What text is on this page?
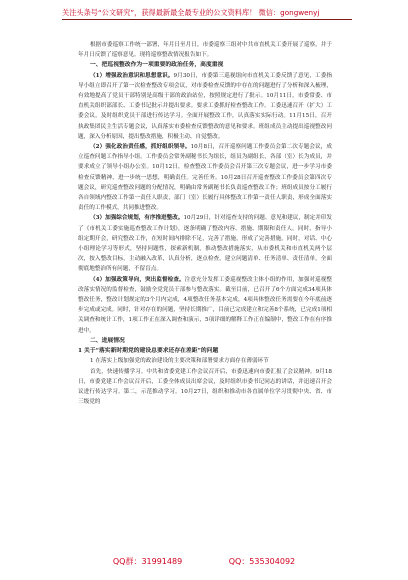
关注头条号“公文研究”，获得最新最全最专业的公文资料库！ 微信：gongwenyj

根据市委巡察工作统一部署，年月日至月日，市委巡察三组对中共市直机关工委开展了巡察，并于年月日反馈了巡察意见。现将巡察整改情况报告如下。

一、把巡视整改作为一项重要的政治任务，高度重视

（1）增强政治意识和思想意识。9月30日，市委第三巡视组向市直机关工委反馈了意见，工委指导小组立即召开了第一次检查整改专项会议，对市委检查反馈的中存在的问题进行了分析和深入梳理，有效地提高了党员干部特别是高级干部的政治站位，按照规定进行了批示。10月11日，市委常委、市直机关组织部部长、工委书记批示并提出要求。要求工委抓好检查整改工作。工委迅速召开（扩大）工委会议，及时组织党员干部进行传达学习。全面开展整改工作，认真落实实际行动。11月15日，召开执政集团民主生活专题会议，认真落实市委检查反馈整改的意见和要求。班组成员主动提出巡视整改问题，深入分析原因，提出整改措施，积极主动、自觉整改。

（2）强化政治责任感，抓好组织领导。10月8日，召开巡察问题工作委员会第二次专题会议，成立巡查问题工作指导小组。工作委员会常务副秘书长为组长，组员为副组长，各部（室）长为成员，并要求成立了领导小组办公室。10月12日，检查整改工作委员会召开第三次专题会议，进一步学习市委检查反馈精神，进一步统一思想，明确责任。完善任务。10月28日召开巡查整改工作委员会第四次专题会议，研究巡查整改问题的分配情况，明确由常务副秘书长负责巡查整改工作；班组成员按分工履行各自领域内整改工作第一责任人职责，部门（室）长履行具体整改工作第一责任人职责，形成全面落实责任的工作模式，共同推进整改。

（3）加强综合规划，有序推进整改。10月29日，针对巡查支持的问题、意见和建议，制定并印发了《市机关工委实施巡查整改工作计划》，逐条明确了整改内容、措施、期限和责任人。同时，指导小组定期开会，研究整改工作，在短时间内排除不足，完善了措施，形成了完善措施。同时，对话、中心小组理论学习等形式，坚持问题性，探索新机制，推动整改措施落实，从市委机关和市直机关两个层次，按入整改目标，主动融入改革，认真分析，逐点检查，建立问题清单、任务清单、责任清单，全面彻底地整治所有问题，不留盲点。

（4）加强政策导向，突出监督检查。注意充分发挥工委巡视整改主体小组的作用，加强对巡视整改落实情况的监督检查，鼓励全党党员干部参与整改落实。截至目前，已召开了6个方面完成34项具体整改任务，整改计划规定的3个月内完成，4项整改任务基本完成，4项具体整改任务需要在今年底前逐步完成或完成。同时，针对存在的问题，坚持长期推广，目前已完成建立和完善8个系统，已完成1项相关调查和统计工作，1项工作正在深入调查和演示，5项详细的解释工作正在编制中，整改工作在有序推进中。

二、进展情况
1 关于“落实新时期党的建设总要求还存在差距”的问题

1 在落实上级加强党的政治建设的主要决策和部署要求方面存在薄弱环节

首先，快速传播学习。中共和省委党建工作会议召开后，市委迅速向市委汇报了会议精神。9月18日，市委党建工作会议召开后，工委全体成员出席会议，及时组织市委书记同志的讲话，并迅速召开会议进行传达学习。第二，示范推动学习。10月27日，组织和推动市各直属单位学习贯彻中央、省、市三级党的

QQ群：31991489	QQ：535304092
